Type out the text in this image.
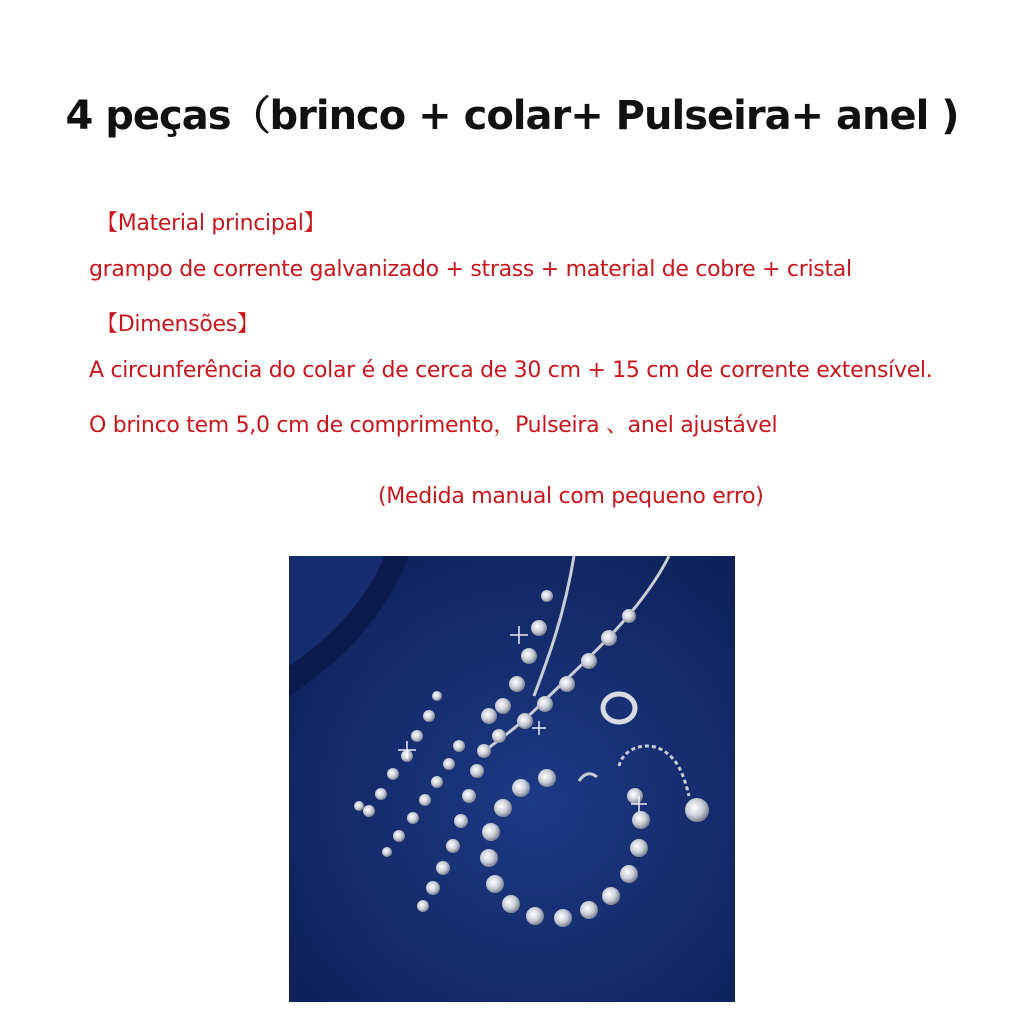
4 peças（brinco + colar+ Pulseira+ anel )
【Material principal】
grampo de corrente galvanizado + strass + material de cobre + cristal
【Dimensões】
A circunferência do colar é de cerca de 30 cm + 15 cm de corrente extensível.
O brinco tem 5,0 cm de comprimento，Pulseira 、anel ajustável
(Medida manual com pequeno erro)
